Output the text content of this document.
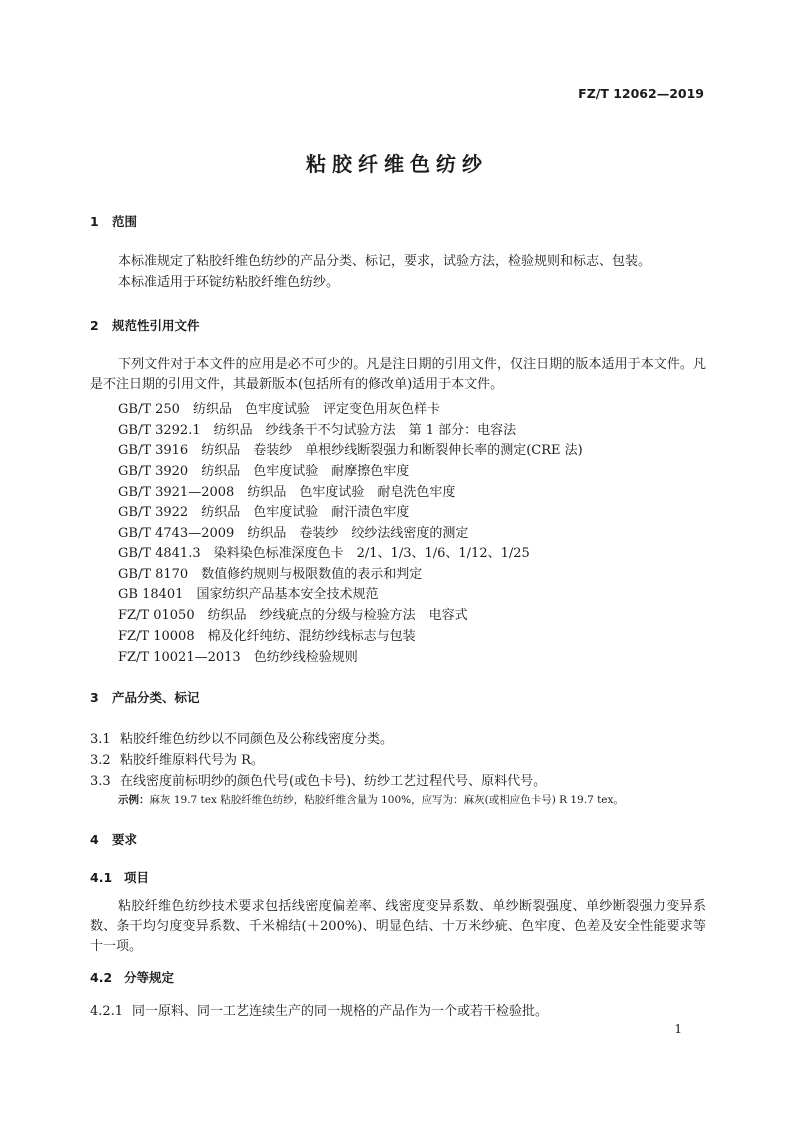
FZ/T 12062—2019
粘胶纤维色纺纱
1 范围
本标准规定了粘胶纤维色纺纱的产品分类、标记，要求，试验方法，检验规则和标志、包装。
本标准适用于环锭纺粘胶纤维色纺纱。
2 规范性引用文件
下列文件对于本文件的应用是必不可少的。凡是注日期的引用文件，仅注日期的版本适用于本文件。凡是不注日期的引用文件，其最新版本(包括所有的修改单)适用于本文件。
GB/T 250　 纺织品　色牢度试验　评定变色用灰色样卡
GB/T 3292.1　 纺织品　纱线条干不匀试验方法　第 1 部分：电容法
GB/T 3916　 纺织品　卷装纱　单根纱线断裂强力和断裂伸长率的测定(CRE 法)
GB/T 3920　 纺织品　色牢度试验　耐摩擦色牢度
GB/T 3921—2008　 纺织品　色牢度试验　耐皂洗色牢度
GB/T 3922　 纺织品　色牢度试验　耐汗渍色牢度
GB/T 4743—2009　 纺织品　卷装纱　绞纱法线密度的测定
GB/T 4841.3　 染料染色标准深度色卡　2/1、1/3、1/6、1/12、1/25
GB/T 8170　 数值修约规则与极限数值的表示和判定
GB 18401　 国家纺织产品基本安全技术规范
FZ/T 01050　 纺织品　纱线疵点的分级与检验方法　电容式
FZ/T 10008　 棉及化纤纯纺、混纺纱线标志与包装
FZ/T 10021—2013　 色纺纱线检验规则
3 产品分类、标记
3.1 粘胶纤维色纺纱以不同颜色及公称线密度分类。
3.2 粘胶纤维原料代号为 R。
3.3 在线密度前标明纱的颜色代号(或色卡号)、纺纱工艺过程代号、原料代号。
示例：麻灰 19.7 tex 粘胶纤维色纺纱，粘胶纤维含量为 100%，应写为：麻灰(或相应色卡号) R 19.7 tex。
4 要求
4.1 项目
粘胶纤维色纺纱技术要求包括线密度偏差率、线密度变异系数、单纱断裂强度、单纱断裂强力变异系数、条干均匀度变异系数、千米棉结(＋200%)、明显色结、十万米纱疵、色牢度、色差及安全性能要求等十一项。
4.2 分等规定
4.2.1 同一原料、同一工艺连续生产的同一规格的产品作为一个或若干检验批。
1
